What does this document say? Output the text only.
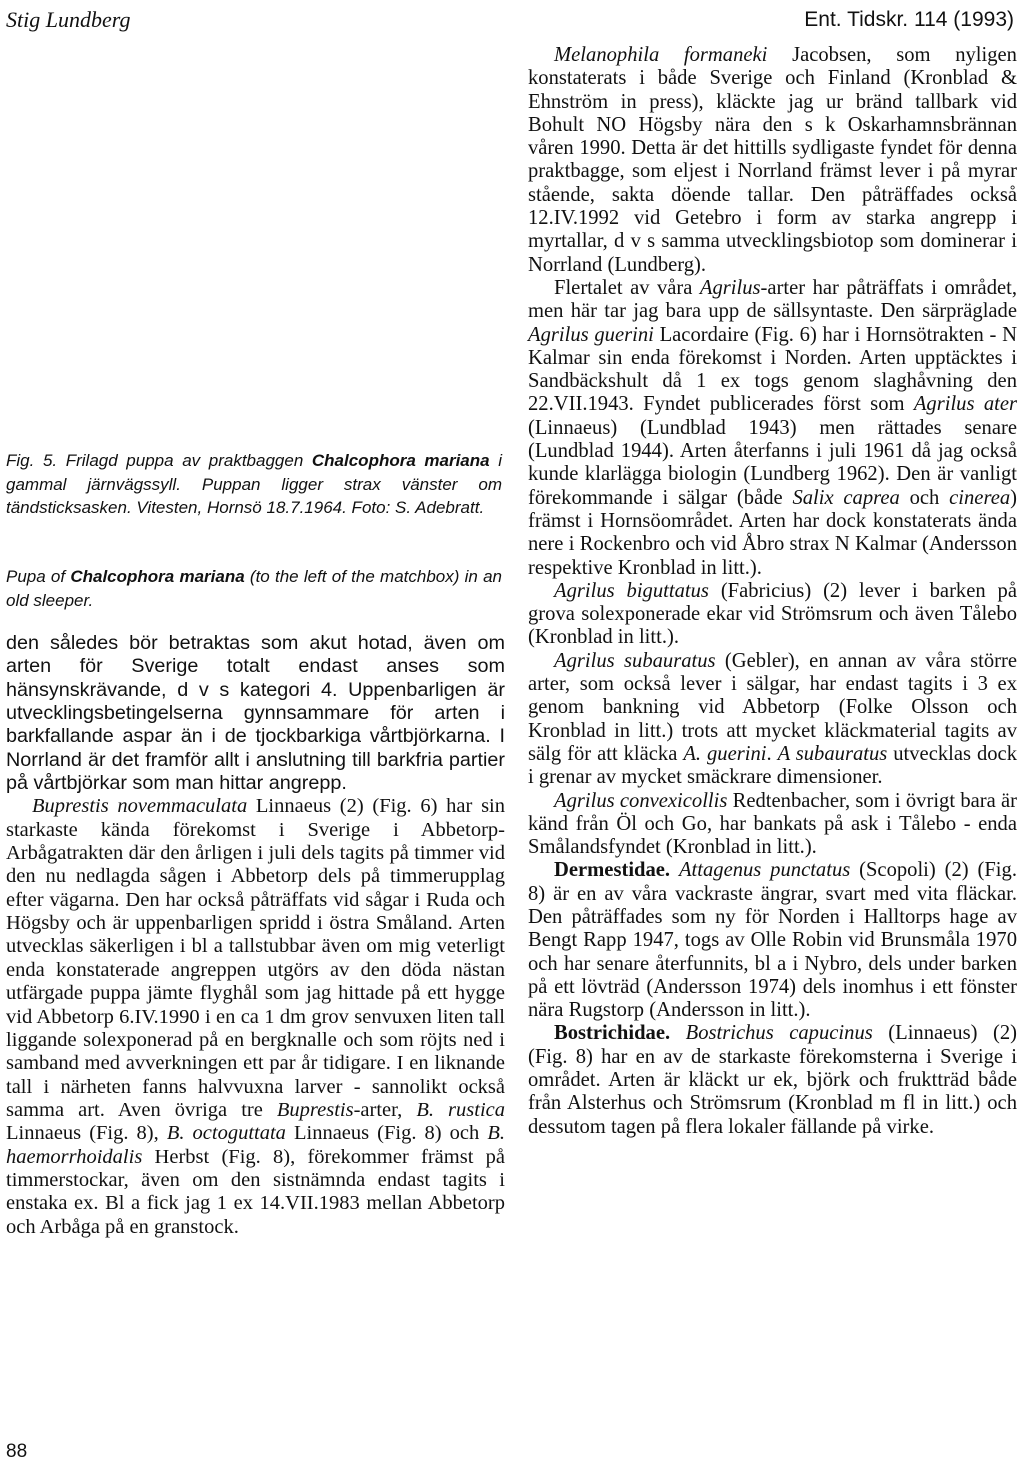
Stig Lundberg	Ent. Tidskr. 114 (1993)

Fig. 5. Frilagd puppa av praktbaggen Chalcophora mariana i gammal järnvägssyll. Puppan ligger strax vänster om tändsticksasken. Vitesten, Hornsö 18.7.1964. Foto: S. Adebratt.

Pupa of Chalcophora mariana (to the left of the matchbox) in an old sleeper.

den således bör betraktas som akut hotad, även om arten för Sverige totalt endast anses som hänsynskrävande, d v s kategori 4. Uppenbarligen är utvecklingsbetingelserna gynnsammare för arten i barkfallande aspar än i de tjockbarkiga vårtbjörkarna. I Norrland är det framför allt i anslutning till barkfria partier på vårtbjörkar som man hittar angrepp.

Buprestis novemmaculata Linnaeus (2) (Fig. 6) har sin starkaste kända förekomst i Sverige i Abbetorp-Arbågatrakten där den årligen i juli dels tagits på timmer vid den nu nedlagda sågen i Abbetorp dels på timmerupplag efter vägarna. Den har också påträffats vid sågar i Ruda och Högsby och är uppenbarligen spridd i östra Småland. Arten utvecklas säkerligen i bl a tallstubbar även om mig veterligt enda konstaterade angreppen utgörs av den döda nästan utfärgade puppa jämte flyghål som jag hittade på ett hygge vid Abbetorp 6.IV.1990 i en ca 1 dm grov senvuxen liten tall liggande solexponerad på en bergknalle och som röjts ned i samband med avverkningen ett par år tidigare. I en liknande tall i närheten fanns halvvuxna larver - sannolikt också samma art. Aven övriga tre Buprestis-arter, B. rustica Linnaeus (Fig. 8), B. octoguttata Linnaeus (Fig. 8) och B. haemorrhoidalis Herbst (Fig. 8), förekommer främst på timmerstockar, även om den sistnämnda endast tagits i enstaka ex. Bl a fick jag 1 ex 14.VII.1983 mellan Abbetorp och Arbåga på en granstock.

Melanophila formaneki Jacobsen, som nyligen konstaterats i både Sverige och Finland (Kronblad & Ehnström in press), kläckte jag ur bränd tallbark vid Bohult NO Högsby nära den s k Oskarhamnsbrännan våren 1990. Detta är det hittills sydligaste fyndet för denna praktbagge, som eljest i Norrland främst lever i på myrar stående, sakta döende tallar. Den påträffades också 12.IV.1992 vid Getebro i form av starka angrepp i myrtallar, d v s samma utvecklingsbiotop som dominerar i Norrland (Lundberg).

Flertalet av våra Agrilus-arter har påträffats i området, men här tar jag bara upp de sällsyntaste. Den särpräglade Agrilus guerini Lacordaire (Fig. 6) har i Hornsötrakten - N Kalmar sin enda förekomst i Norden. Arten upptäcktes i Sandbäckshult då 1 ex togs genom slaghåvning den 22.VII.1943. Fyndet publicerades först som Agrilus ater (Linnaeus) (Lundblad 1943) men rättades senare (Lundblad 1944). Arten återfanns i juli 1961 då jag också kunde klarlägga biologin (Lundberg 1962). Den är vanligt förekommande i sälgar (både Salix caprea och cinerea) främst i Hornsöområdet. Arten har dock konstaterats ända nere i Rockenbro och vid Åbro strax N Kalmar (Andersson respektive Kronblad in litt.).

Agrilus biguttatus (Fabricius) (2) lever i barken på grova solexponerade ekar vid Strömsrum och även Tålebo (Kronblad in litt.).

Agrilus subauratus (Gebler), en annan av våra större arter, som också lever i sälgar, har endast tagits i 3 ex genom bankning vid Abbetorp (Folke Olsson och Kronblad in litt.) trots att mycket kläckmaterial tagits av sälg för att kläcka A. guerini. A subauratus utvecklas dock i grenar av mycket smäckrare dimensioner.

Agrilus convexicollis Redtenbacher, som i övrigt bara är känd från Öl och Go, har bankats på ask i Tålebo - enda Smålandsfyndet (Kronblad in litt.).

Dermestidae. Attagenus punctatus (Scopoli) (2) (Fig. 8) är en av våra vackraste ängrar, svart med vita fläckar. Den påträffades som ny för Norden i Halltorps hage av Bengt Rapp 1947, togs av Olle Robin vid Brunsmåla 1970 och har senare återfunnits, bl a i Nybro, dels under barken på ett lövträd (Andersson 1974) dels inomhus i ett fönster nära Rugstorp (Andersson in litt.).

Bostrichidae. Bostrichus capucinus (Linnaeus) (2) (Fig. 8) har en av de starkaste förekomsterna i Sverige i området. Arten är kläckt ur ek, björk och fruktträd både från Alsterhus och Strömsrum (Kronblad m fl in litt.) och dessutom tagen på flera lokaler fällande på virke.

88
